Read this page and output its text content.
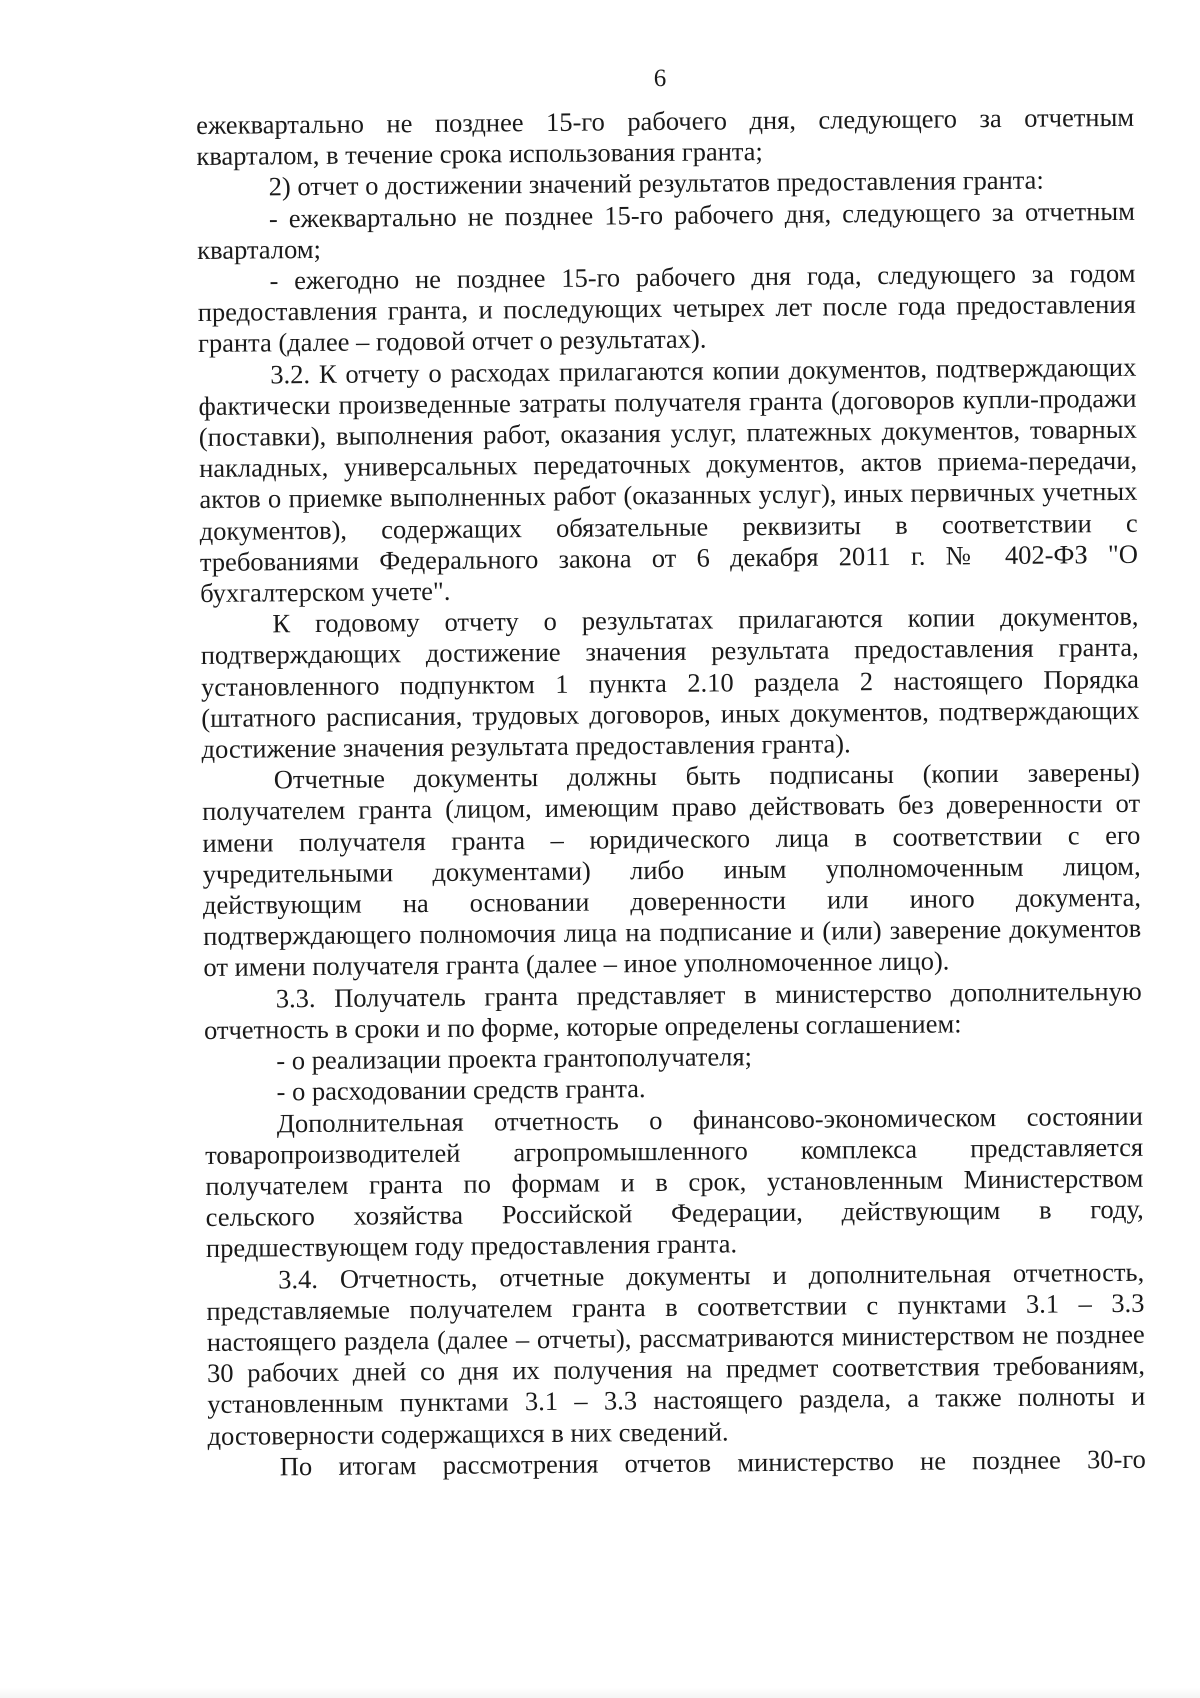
6

ежеквартально не позднее 15-го рабочего дня, следующего за отчетным кварталом, в течение срока использования гранта;

2) отчет о достижении значений результатов предоставления гранта:

- ежеквартально не позднее 15-го рабочего дня, следующего за отчетным кварталом;

- ежегодно не позднее 15-го рабочего дня года, следующего за годом предоставления гранта, и последующих четырех лет после года предоставления гранта (далее – годовой отчет о результатах).

3.2. К отчету о расходах прилагаются копии документов, подтверждающих фактически произведенные затраты получателя гранта (договоров купли-продажи (поставки), выполнения работ, оказания услуг, платежных документов, товарных накладных, универсальных передаточных документов, актов приема-передачи, актов о приемке выполненных работ (оказанных услуг), иных первичных учетных документов), содержащих обязательные реквизиты в соответствии с требованиями Федерального закона от 6 декабря 2011 г. № 402-ФЗ "О бухгалтерском учете".

К годовому отчету о результатах прилагаются копии документов, подтверждающих достижение значения результата предоставления гранта, установленного подпунктом 1 пункта 2.10 раздела 2 настоящего Порядка (штатного расписания, трудовых договоров, иных документов, подтверждающих достижение значения результата предоставления гранта).

Отчетные документы должны быть подписаны (копии заверены) получателем гранта (лицом, имеющим право действовать без доверенности от имени получателя гранта – юридического лица в соответствии с его учредительными документами) либо иным уполномоченным лицом, действующим на основании доверенности или иного документа, подтверждающего полномочия лица на подписание и (или) заверение документов от имени получателя гранта (далее – иное уполномоченное лицо).

3.3. Получатель гранта представляет в министерство дополнительную отчетность в сроки и по форме, которые определены соглашением:

- о реализации проекта грантополучателя;

- о расходовании средств гранта.

Дополнительная отчетность о финансово-экономическом состоянии товаропроизводителей агропромышленного комплекса представляется получателем гранта по формам и в срок, установленным Министерством сельского хозяйства Российской Федерации, действующим в году, предшествующем году предоставления гранта.

3.4. Отчетность, отчетные документы и дополнительная отчетность, представляемые получателем гранта в соответствии с пунктами 3.1 – 3.3 настоящего раздела (далее – отчеты), рассматриваются министерством не позднее 30 рабочих дней со дня их получения на предмет соответствия требованиям, установленным пунктами 3.1 – 3.3 настоящего раздела, а также полноты и достоверности содержащихся в них сведений.

По итогам рассмотрения отчетов министерство не позднее 30-го
